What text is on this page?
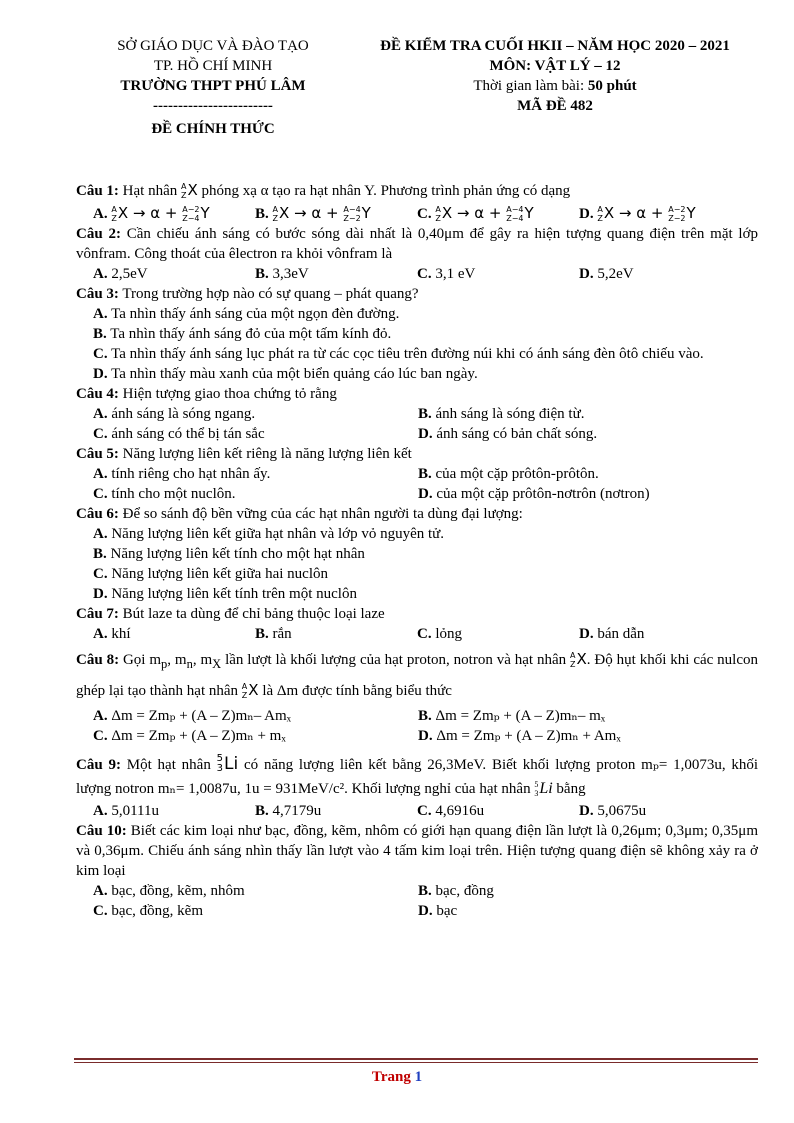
SỞ GIÁO DỤC VÀ ĐÀO TẠO
TP. HỒ CHÍ MINH
TRƯỜNG THPT PHÚ LÂM
------------------------
ĐỀ CHÍNH THỨC
ĐỀ KIỂM TRA CUỐI HKII – NĂM HỌC 2020 – 2021
MÔN: VẬT LÝ – 12
Thời gian làm bài: 50 phút
MÃ ĐỀ 482

Câu 1: Hạt nhân A
Z X phóng xạ α tạo ra hạt nhân Y. Phương trình phản ứng có dạng

A. A
Z X → α + A−2
Z−4 Y	B. A
Z X → α + A−4
Z−2 Y	C. A
Z X → α + A−4
Z−4 Y	D. A
Z X → α + A−2
Z−2 Y

Câu 2: Cần chiếu ánh sáng có bước sóng dài nhất là 0,40μm để gây ra hiện tượng quang điện trên mặt lớp vônfram. Công thoát của êlectron ra khỏi vônfram là

A. 2,5eV	B. 3,3eV	C. 3,1 eV	D. 5,2eV

Câu 3: Trong trường hợp nào có sự quang – phát quang?

A. Ta nhìn thấy ánh sáng của một ngọn đèn đường.
B. Ta nhìn thấy ánh sáng đỏ của một tấm kính đỏ.
C. Ta nhìn thấy ánh sáng lục phát ra từ các cọc tiêu trên đường núi khi có ánh sáng đèn ôtô chiếu vào.
D. Ta nhìn thấy màu xanh của một biển quảng cáo lúc ban ngày.

Câu 4: Hiện tượng giao thoa chứng tỏ rằng

A. ánh sáng là sóng ngang.	B. ánh sáng là sóng điện từ.
C. ánh sáng có thể bị tán sắc	D. ánh sáng có bản chất sóng.

Câu 5: Năng lượng liên kết riêng là năng lượng liên kết

A. tính riêng cho hạt nhân ấy.	B. của một cặp prôtôn-prôtôn.
C. tính cho một nuclôn.	D. của một cặp prôtôn-nơtrôn (nơtron)

Câu 6: Để so sánh độ bền vững của các hạt nhân người ta dùng đại lượng:

A. Năng lượng liên kết giữa hạt nhân và lớp vỏ nguyên tử.
B. Năng lượng liên kết tính cho một hạt nhân
C. Năng lượng liên kết giữa hai nuclôn
D. Năng lượng liên kết tính trên một nuclôn

Câu 7: Bút laze ta dùng để chỉ bảng thuộc loại laze

A. khí	B. rắn	C. lỏng	D. bán dẫn

Câu 8: Gọi $m_p$, $m_n$, $m_X$ lần lượt là khối lượng của hạt proton, notron và hạt nhân A
Z X. Độ hụt khối khi các nulcon ghép lại tạo thành hạt nhân A
Z X là Δm được tính bằng biểu thức

A. Δm = Zmₚ + (A – Z)mₙ– Amₓ	B. Δm = Zmₚ + (A – Z)mₙ– mₓ
C. Δm = Zmₚ + (A – Z)mₙ + mₓ	D. Δm = Zmₚ + (A – Z)mₙ + Amₓ

Câu 9: Một hạt nhân 5
3 Li có năng lượng liên kết bằng 26,3MeV. Biết khối lượng proton mₚ= 1,0073u, khối lượng notron mₙ= 1,0087u, 1u = 931MeV/c². Khối lượng nghỉ của hạt nhân 5
3 Li bằng

A. 5,0111u	B. 4,7179u	C. 4,6916u	D. 5,0675u

Câu 10: Biết các kim loại như bạc, đồng, kẽm, nhôm có giới hạn quang điện lần lượt là 0,26μm; 0,3μm; 0,35μm và 0,36μm. Chiếu ánh sáng nhìn thấy lần lượt vào 4 tấm kim loại trên. Hiện tượng quang điện sẽ không xảy ra ở kim loại

A. bạc, đồng, kẽm, nhôm	B. bạc, đồng
C. bạc, đồng, kẽm	D. bạc
Trang 1
